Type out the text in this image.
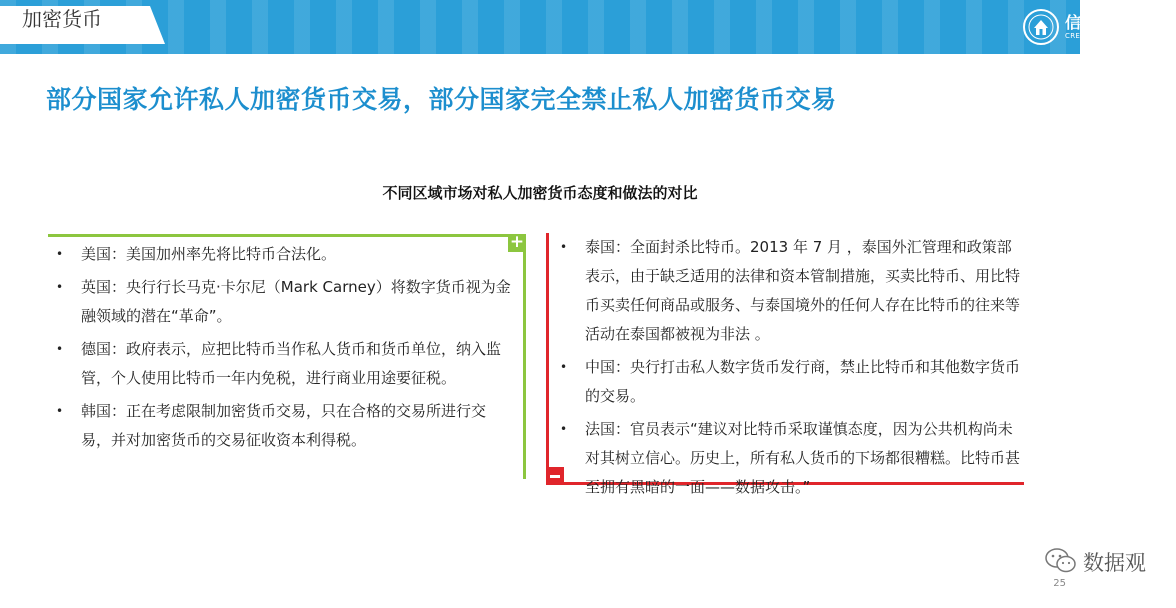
加密货币	信和研究院
CREDIT HARMONY RESEARCH
部分国家允许私人加密货币交易，部分国家完全禁止私人加密货币交易
不同区域市场对私人加密货币态度和做法的对比
+
• 美国：美国加州率先将比特币合法化。
• 英国：央行行长马克·卡尔尼（Mark Carney）将数字货币视为金融领域的潜在“革命”。
• 德国：政府表示，应把比特币当作私人货币和货币单位，纳入监管，个人使用比特币一年内免税，进行商业用途要征税。
• 韩国：正在考虑限制加密货币交易，只在合格的交易所进行交易，并对加密货币的交易征收资本利得税。
• 泰国：全面封杀比特币。2013 年 7 月 ，泰国外汇管理和政策部表示，由于缺乏适用的法律和资本管制措施，买卖比特币、用比特币买卖任何商品或服务、与泰国境外的任何人存在比特币的往来等活动在泰国都被视为非法 。
• 中国：央行打击私人数字货币发行商，禁止比特币和其他数字货币的交易。
• 法国：官员表示“建议对比特币采取谨慎态度，因为公共机构尚未对其树立信心。历史上，所有私人货币的下场都很糟糕。比特币甚至拥有黑暗的一面——数据攻击。”
数据观
25
